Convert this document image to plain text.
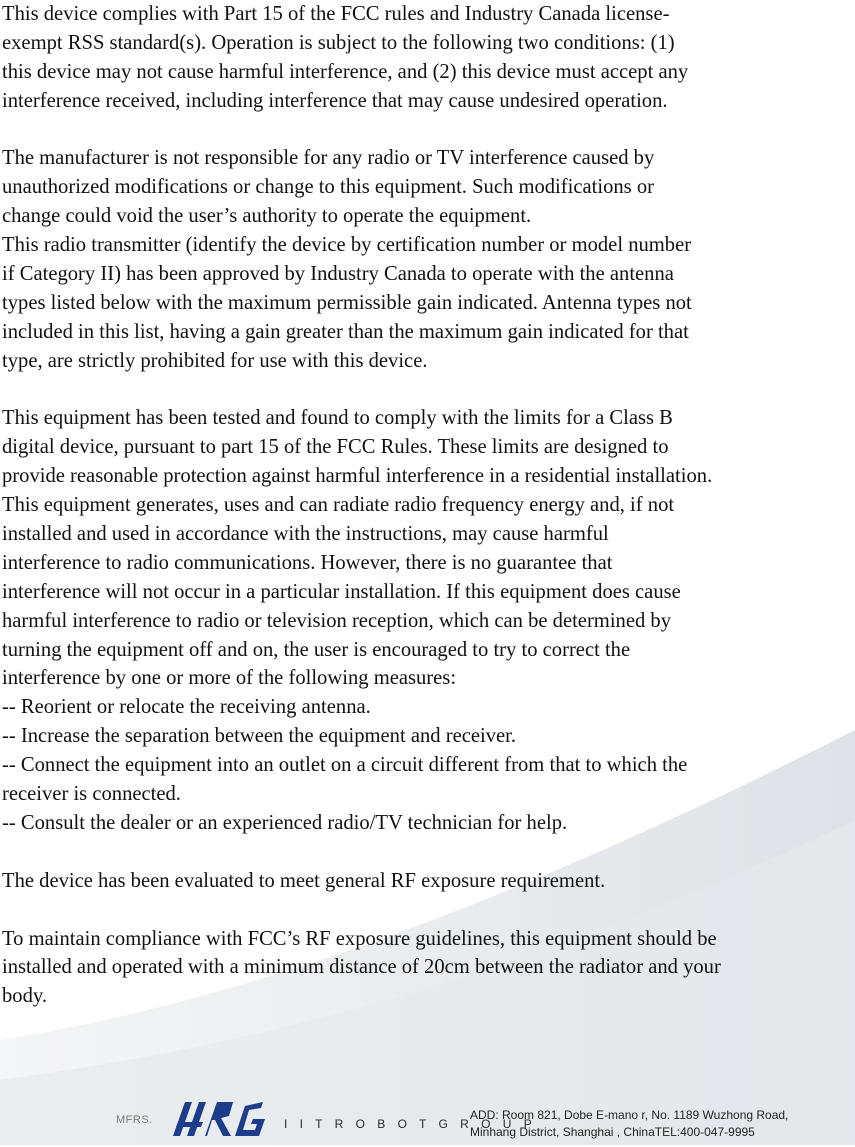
This device complies with Part 15 of the FCC rules and Industry Canada license-
exempt RSS standard(s). Operation is subject to the following two conditions: (1)
this device may not cause harmful interference, and (2) this device must accept any
interference received, including interference that may cause undesired operation.
The manufacturer is not responsible for any radio or TV interference caused by
unauthorized modifications or change to this equipment. Such modifications or
change could void the user’s authority to operate the equipment.
This radio transmitter (identify the device by certification number or model number
if Category II) has been approved by Industry Canada to operate with the antenna
types listed below with the maximum permissible gain indicated. Antenna types not
included in this list, having a gain greater than the maximum gain indicated for that
type, are strictly prohibited for use with this device.
This equipment has been tested and found to comply with the limits for a Class B
digital device, pursuant to part 15 of the FCC Rules. These limits are designed to
provide reasonable protection against harmful interference in a residential installation.
This equipment generates, uses and can radiate radio frequency energy and, if not
installed and used in accordance with the instructions, may cause harmful
interference to radio communications. However, there is no guarantee that
interference will not occur in a particular installation. If this equipment does cause
harmful interference to radio or television reception, which can be determined by
turning the equipment off and on, the user is encouraged to try to correct the
interference by one or more of the following measures:
-- Reorient or relocate the receiving antenna.
-- Increase the separation between the equipment and receiver.
-- Connect the equipment into an outlet on a circuit different from that to which the
receiver is connected.
-- Consult the dealer or an experienced radio/TV technician for help.
The device has been evaluated to meet general RF exposure requirement.
To maintain compliance with FCC’s RF exposure guidelines, this equipment should be
installed and operated with a minimum distance of 20cm between the radiator and your
body.
MFRS.	I I T R O B O T G R O U P
ADD: Room 821, Dobe E-mano r, No. 1189 Wuzhong Road,
Minhang District, Shanghai , ChinaTEL:400-047-9995
